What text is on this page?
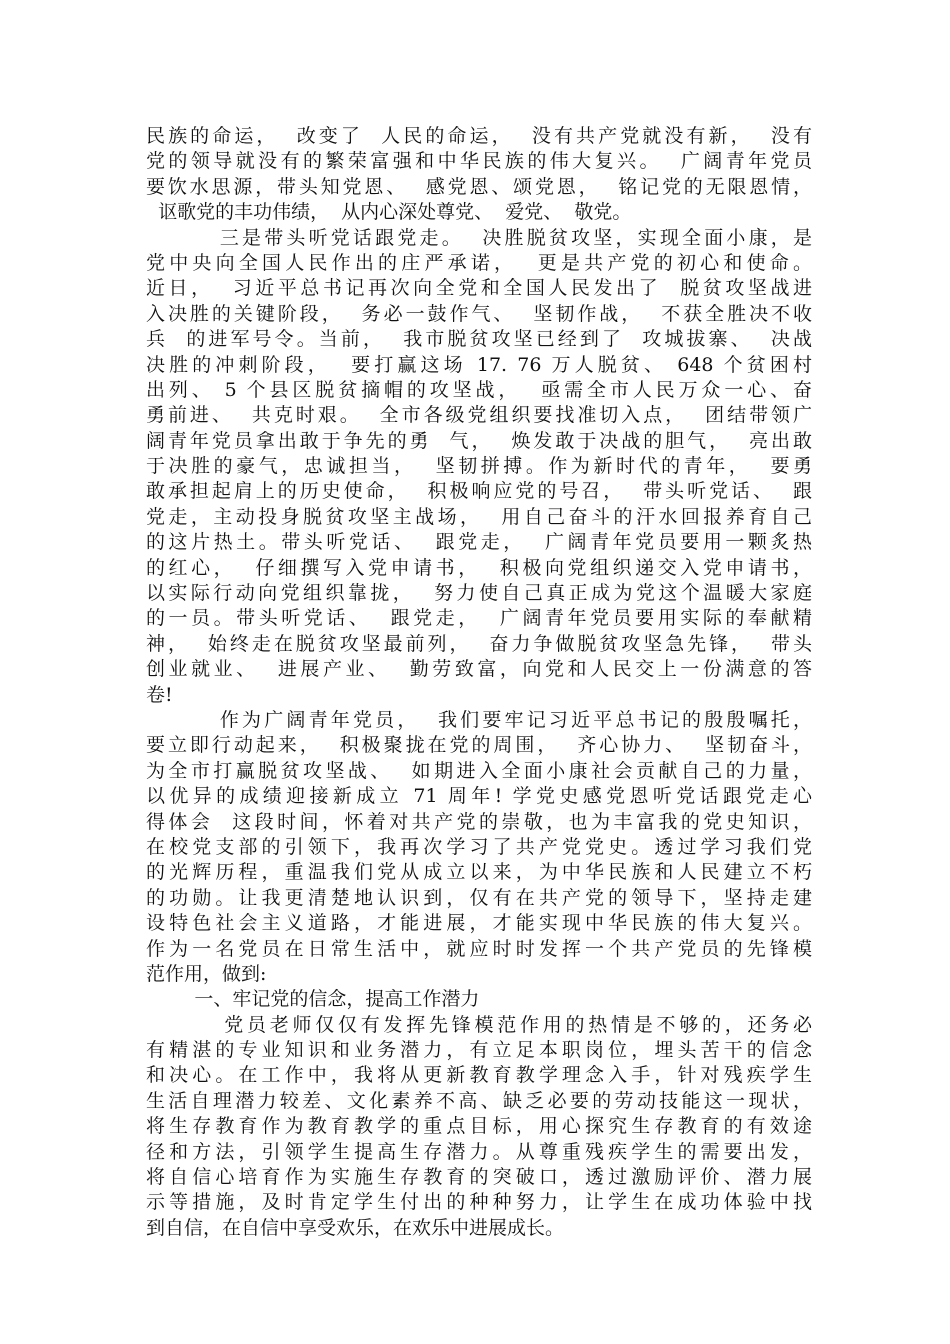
民族的命运，  改变了  人民的命运，  没有共产党就没有新，  没有
党的领导就没有的繁荣富强和中华民族的伟大复兴。  广阔青年党员
要饮水思源，带头知党恩、  感党恩、颂党恩，  铭记党的无限恩情，
讴歌党的丰功伟绩，  从内心深处尊党、  爱党、  敬党。
三是带头听党话跟党走。  决胜脱贫攻坚，实现全面小康，是
党中央向全国人民作出的庄严承诺，  更是共产党的初心和使命。
近日，  习近平总书记再次向全党和全国人民发出了  脱贫攻坚战进
入决胜的关键阶段，  务必一鼓作气、  坚韧作战，  不获全胜决不收
兵  的进军号令。当前，  我市脱贫攻坚已经到了  攻城拔寨、  决战
决胜的冲刺阶段，  要打赢这场 17. 76 万人脱贫、 648 个贫困村
出列、 5 个县区脱贫摘帽的攻坚战，  亟需全市人民万众一心、奋
勇前进、  共克时艰。  全市各级党组织要找准切入点，  团结带领广
阔青年党员拿出敢于争先的勇  气，  焕发敢于决战的胆气，  亮出敢
于决胜的豪气，忠诚担当，  坚韧拼搏。作为新时代的青年，  要勇
敢承担起肩上的历史使命，  积极响应党的号召，  带头听党话、  跟
党走，主动投身脱贫攻坚主战场，  用自己奋斗的汗水回报养育自己
的这片热土。带头听党话、  跟党走，  广阔青年党员要用一颗炙热
的红心，  仔细撰写入党申请书，  积极向党组织递交入党申请书，
以实际行动向党组织靠拢，  努力使自己真正成为党这个温暖大家庭
的一员。带头听党话、  跟党走，  广阔青年党员要用实际的奉献精
神，  始终走在脱贫攻坚最前列，  奋力争做脱贫攻坚急先锋，  带头
创业就业、  进展产业、  勤劳致富，向党和人民交上一份满意的答
卷!
作为广阔青年党员，  我们要牢记习近平总书记的殷殷嘱托，
要立即行动起来，  积极聚拢在党的周围，  齐心协力、  坚韧奋斗，
为全市打赢脱贫攻坚战、  如期进入全面小康社会贡献自己的力量，
以优异的成绩迎接新成立 71 周年! 学党史感党恩听党话跟党走心
得体会  这段时间，怀着对共产党的崇敬，也为丰富我的党史知识，
在校党支部的引领下，我再次学习了共产党党史。透过学习我们党
的光辉历程，重温我们党从成立以来，为中华民族和人民建立不朽
的功勋。让我更清楚地认识到，仅有在共产党的领导下，坚持走建
设特色社会主义道路，才能进展，才能实现中华民族的伟大复兴。
作为一名党员在日常生活中，就应时时发挥一个共产党员的先锋模
范作用，做到:
一、牢记党的信念，提高工作潜力
党员老师仅仅有发挥先锋模范作用的热情是不够的，还务必
有精湛的专业知识和业务潜力，有立足本职岗位，埋头苦干的信念
和决心。在工作中，我将从更新教育教学理念入手，针对残疾学生
生活自理潜力较差、文化素养不高、缺乏必要的劳动技能这一现状，
将生存教育作为教育教学的重点目标，用心探究生存教育的有效途
径和方法，引领学生提高生存潜力。从尊重残疾学生的需要出发，
将自信心培育作为实施生存教育的突破口，透过激励评价、潜力展
示等措施，及时肯定学生付出的种种努力，让学生在成功体验中找
到自信，在自信中享受欢乐，在欢乐中进展成长。
